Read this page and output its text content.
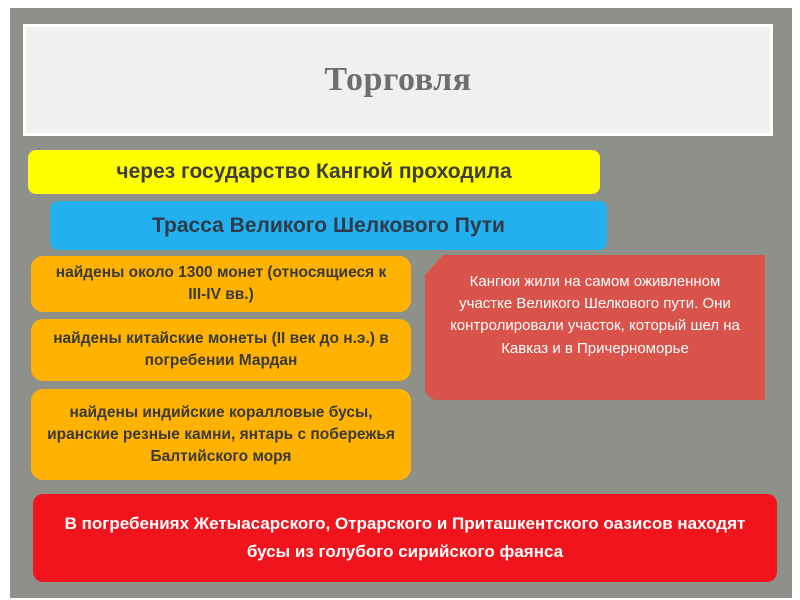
Торговля
через государство Кангюй проходила
Трасса Великого Шелкового Пути
найдены около 1300 монет (относящиеся к III-IV вв.)
найдены китайские монеты (II век до н.э.) в погребении Мардан
найдены индийские коралловые бусы, иранские резные камни, янтарь с побережья Балтийского моря
Кангюи жили на самом оживленном участке Великого Шелкового пути. Они контролировали участок, который шел на Кавказ и в Причерноморье
В погребениях Жетыасарского, Отрарского и Приташкентского оазисов находят бусы из голубого сирийского фаянса
